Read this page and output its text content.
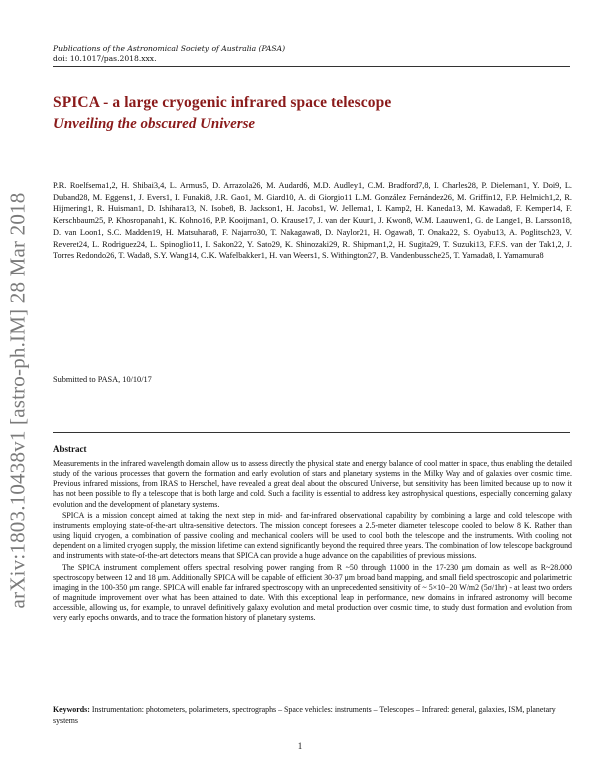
arXiv:1803.10438v1 [astro-ph.IM] 28 Mar 2018
Publications of the Astronomical Society of Australia (PASA)
doi: 10.1017/pas.2018.xxx.
SPICA - a large cryogenic infrared space telescope
Unveiling the obscured Universe
P.R. Roelfsema1,2, H. Shibai3,4, L. Armus5, D. Arrazola26, M. Audard6, M.D. Audley1, C.M. Bradford7,8, I. Charles28, P. Dieleman1, Y. Doi9, L. Duband28, M. Eggens1, J. Evers1, I. Funaki8, J.R. Gao1, M. Giard10, A. di Giorgio11 L.M. González Fernández26, M. Griffin12, F.P. Helmich1,2, R. Hijmering1, R. Huisman1, D. Ishihara13, N. Isobe8, B. Jackson1, H. Jacobs1, W. Jellema1, I. Kamp2, H. Kaneda13, M. Kawada8, F. Kemper14, F. Kerschbaum25, P. Khosropanah1, K. Kohno16, P.P. Kooijman1, O. Krause17, J. van der Kuur1, J. Kwon8, W.M. Laauwen1, G. de Lange1, B. Larsson18, D. van Loon1, S.C. Madden19, H. Matsuhara8, F. Najarro30, T. Nakagawa8, D. Naylor21, H. Ogawa8, T. Onaka22, S. Oyabu13, A. Poglitsch23, V. Reveret24, L. Rodriguez24, L. Spinoglio11, I. Sakon22, Y. Sato29, K. Shinozaki29, R. Shipman1,2, H. Sugita29, T. Suzuki13, F.F.S. van der Tak1,2, J. Torres Redondo26, T. Wada8, S.Y. Wang14, C.K. Wafelbakker1, H. van Weers1, S. Withington27, B. Vandenbussche25, T. Yamada8, I. Yamamura8
Submitted to PASA, 10/10/17
Abstract

Measurements in the infrared wavelength domain allow us to assess directly the physical state and energy balance of cool matter in space, thus enabling the detailed study of the various processes that govern the formation and early evolution of stars and planetary systems in the Milky Way and of galaxies over cosmic time. Previous infrared missions, from IRAS to Herschel, have revealed a great deal about the obscured Universe, but sensitivity has been limited because up to now it has not been possible to fly a telescope that is both large and cold. Such a facility is essential to address key astrophysical questions, especially concerning galaxy evolution and the development of planetary systems.

SPICA is a mission concept aimed at taking the next step in mid- and far-infrared observational capability by combining a large and cold telescope with instruments employing state-of-the-art ultra-sensitive detectors. The mission concept foresees a 2.5-meter diameter telescope cooled to below 8 K. Rather than using liquid cryogen, a combination of passive cooling and mechanical coolers will be used to cool both the telescope and the instruments. With cooling not dependent on a limited cryogen supply, the mission lifetime can extend significantly beyond the required three years. The combination of low telescope background and instruments with state-of-the-art detectors means that SPICA can provide a huge advance on the capabilities of previous missions.

The SPICA instrument complement offers spectral resolving power ranging from R ~50 through 11000 in the 17-230 μm domain as well as R~28.000 spectroscopy between 12 and 18 μm. Additionally SPICA will be capable of efficient 30-37 μm broad band mapping, and small field spectroscopic and polarimetric imaging in the 100-350 μm range. SPICA will enable far infrared spectroscopy with an unprecedented sensitivity of ~ 5×10−20 W/m2 (5σ/1hr) - at least two orders of magnitude improvement over what has been attained to date. With this exceptional leap in performance, new domains in infrared astronomy will become accessible, allowing us, for example, to unravel definitively galaxy evolution and metal production over cosmic time, to study dust formation and evolution from very early epochs onwards, and to trace the formation history of planetary systems.

Keywords: Instrumentation: photometers, polarimeters, spectrographs – Space vehicles: instruments – Telescopes – Infrared: general, galaxies, ISM, planetary systems
1
